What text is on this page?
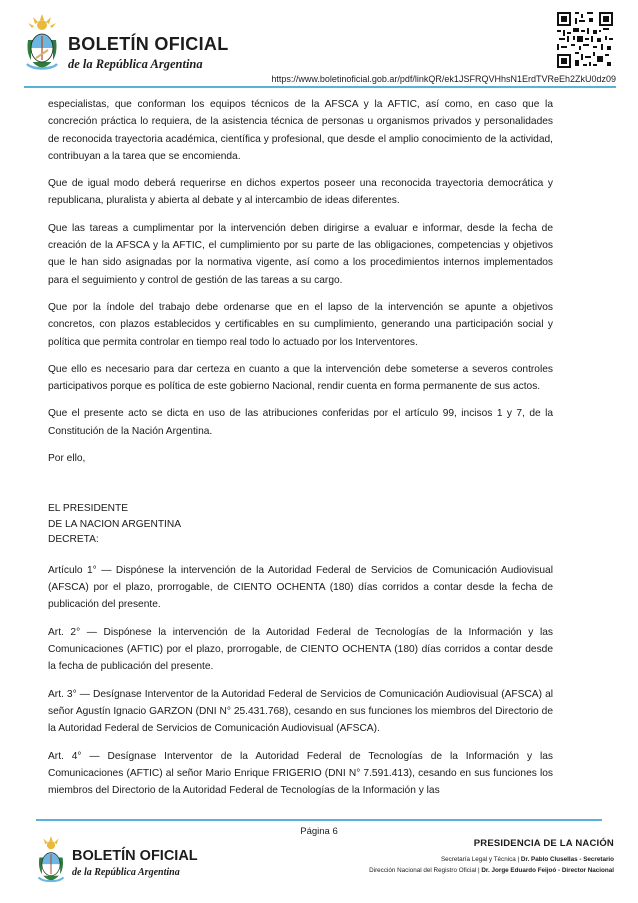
BOLETÍN OFICIAL
de la República Argentina
https://www.boletinoficial.gob.ar/pdf/linkQR/ek1JSFRQVHhsN1ErdTVReEh2ZkU0dz09

especialistas, que conforman los equipos técnicos de la AFSCA y la AFTIC, así como, en caso que la concreción práctica lo requiera, de la asistencia técnica de personas u organismos privados y personalidades de reconocida trayectoria académica, científica y profesional, que desde el amplio conocimiento de la actividad, contribuyan a la tarea que se encomienda.

Que de igual modo deberá requerirse en dichos expertos poseer una reconocida trayectoria democrática y republicana, pluralista y abierta al debate y al intercambio de ideas diferentes.

Que las tareas a cumplimentar por la intervención deben dirigirse a evaluar e informar, desde la fecha de creación de la AFSCA y la AFTIC, el cumplimiento por su parte de las obligaciones, competencias y objetivos que le han sido asignadas por la normativa vigente, así como a los procedimientos internos implementados para el seguimiento y control de gestión de las tareas a su cargo.

Que por la índole del trabajo debe ordenarse que en el lapso de la intervención se apunte a objetivos concretos, con plazos establecidos y certificables en su cumplimiento, generando una participación social y política que permita controlar en tiempo real todo lo actuado por los Interventores.

Que ello es necesario para dar certeza en cuanto a que la intervención debe someterse a severos controles participativos porque es política de este gobierno Nacional, rendir cuenta en forma permanente de sus actos.

Que el presente acto se dicta en uso de las atribuciones conferidas por el artículo 99, incisos 1 y 7, de la Constitución de la Nación Argentina.

Por ello,

EL PRESIDENTE
DE LA NACION ARGENTINA
DECRETA:

Artículo 1° — Dispónese la intervención de la Autoridad Federal de Servicios de Comunicación Audiovisual (AFSCA) por el plazo, prorrogable, de CIENTO OCHENTA (180) días corridos a contar desde la fecha de publicación del presente.

Art. 2° — Dispónese la intervención de la Autoridad Federal de Tecnologías de la Información y las Comunicaciones (AFTIC) por el plazo, prorrogable, de CIENTO OCHENTA (180) días corridos a contar desde la fecha de publicación del presente.

Art. 3° — Desígnase Interventor de la Autoridad Federal de Servicios de Comunicación Audiovisual (AFSCA) al señor Agustín Ignacio GARZON (DNI N° 25.431.768), cesando en sus funciones los miembros del Directorio de la Autoridad Federal de Servicios de Comunicación Audiovisual (AFSCA).

Art. 4° — Desígnase Interventor de la Autoridad Federal de Tecnologías de la Información y las Comunicaciones (AFTIC) al señor Mario Enrique FRIGERIO (DNI N° 7.591.413), cesando en sus funciones los miembros del Directorio de la Autoridad Federal de Tecnologías de la Información y las

Página 6
BOLETÍN OFICIAL
de la República Argentina
PRESIDENCIA DE LA NACIÓN
Secretaría Legal y Técnica | Dr. Pablo Clusellas - Secretario
Dirección Nacional del Registro Oficial | Dr. Jorge Eduardo Feijoó - Director Nacional
